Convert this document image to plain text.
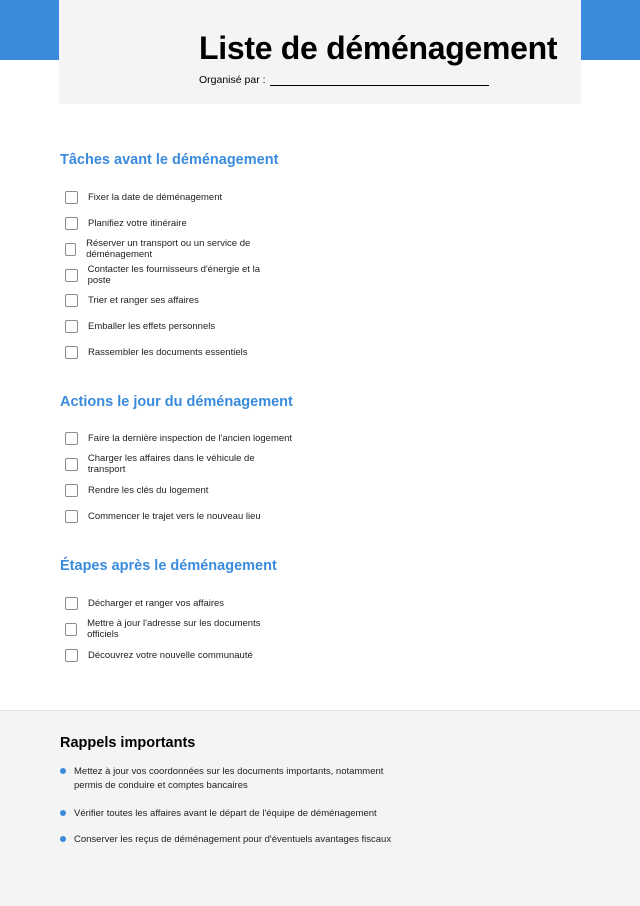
Liste de déménagement
Organisé par :
Tâches avant le déménagement
Fixer la date de déménagement
Planifiez votre itinéraire
Réserver un transport ou un service de déménagement
Contacter les fournisseurs d'énergie et la poste
Trier et ranger ses affaires
Emballer les effets personnels
Rassembler les documents essentiels
Actions le jour du déménagement
Faire la dernière inspection de l'ancien logement
Charger les affaires dans le véhicule de transport
Rendre les clés du logement
Commencer le trajet vers le nouveau lieu
Étapes après le déménagement
Décharger et ranger vos affaires
Mettre à jour l'adresse sur les documents officiels
Découvrez votre nouvelle communauté
Rappels importants
Mettez à jour vos coordonnées sur les documents importants, notamment permis de conduire et comptes bancaires
Vérifier toutes les affaires avant le départ de l'équipe de déménagement
Conserver les reçus de déménagement pour d'éventuels avantages fiscaux
